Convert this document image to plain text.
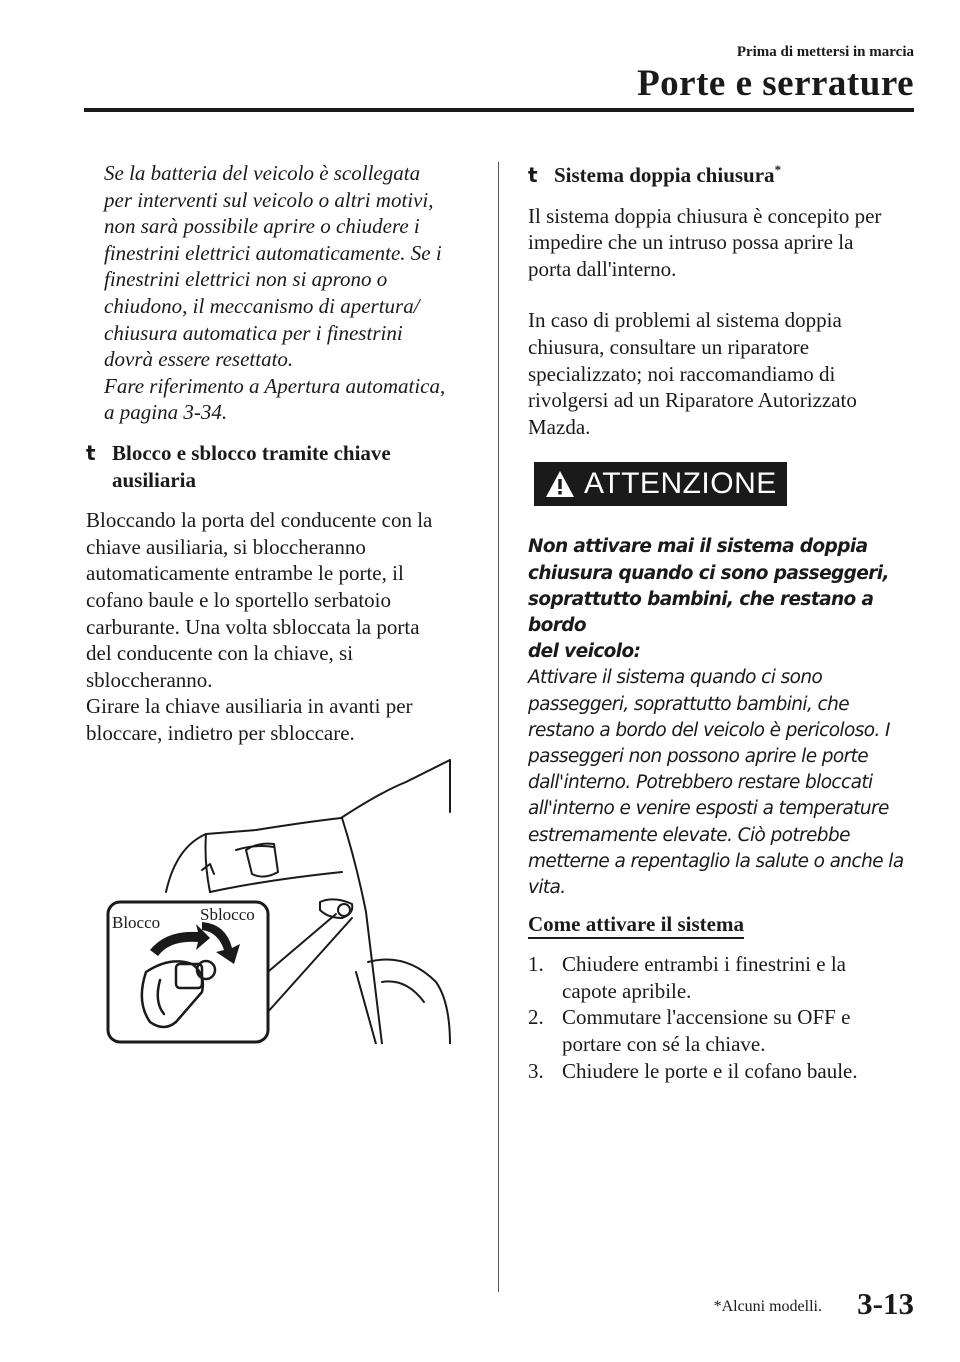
Prima di mettersi in marcia
Porte e serrature

Se la batteria del veicolo è scollegata

per interventi sul veicolo o altri motivi,

non sarà possibile aprire o chiudere i

finestrini elettrici automaticamente. Se i

finestrini elettrici non si aprono o

chiudono, il meccanismo di apertura/

chiusura automatica per i finestrini

dovrà essere resettato.

Fare riferimento a Apertura automatica,

a pagina 3-34.

t Blocco e sblocco tramite chiave

ausiliaria

Bloccando la porta del conducente con la

chiave ausiliaria, si bloccheranno

automaticamente entrambe le porte, il

cofano baule e lo sportello serbatoio

carburante. Una volta sbloccata la porta

del conducente con la chiave, si

sbloccheranno.

Girare la chiave ausiliaria in avanti per

bloccare, indietro per sbloccare.

Blocco Sblocco
t Sistema doppia chiusura*

Il sistema doppia chiusura è concepito per

impedire che un intruso possa aprire la

porta dall'interno.

In caso di problemi al sistema doppia

chiusura, consultare un riparatore

specializzato; noi raccomandiamo di

rivolgersi ad un Riparatore Autorizzato

Mazda.

ATTENZIONE

Non attivare mai il sistema doppia

chiusura quando ci sono passeggeri,

soprattutto bambini, che restano a bordo

del veicolo:

Attivare il sistema quando ci sono

passeggeri, soprattutto bambini, che

restano a bordo del veicolo è pericoloso. I

passeggeri non possono aprire le porte

dall'interno. Potrebbero restare bloccati

all'interno e venire esposti a temperature

estremamente elevate. Ciò potrebbe

metterne a repentaglio la salute o anche la

vita.

Come attivare il sistema
1. Chiudere entrambi i finestrini e la

capote apribile.

2. Commutare l'accensione su OFF e

portare con sé la chiave.

3. Chiudere le porte e il cofano baule.

*Alcuni modelli. 3-13
